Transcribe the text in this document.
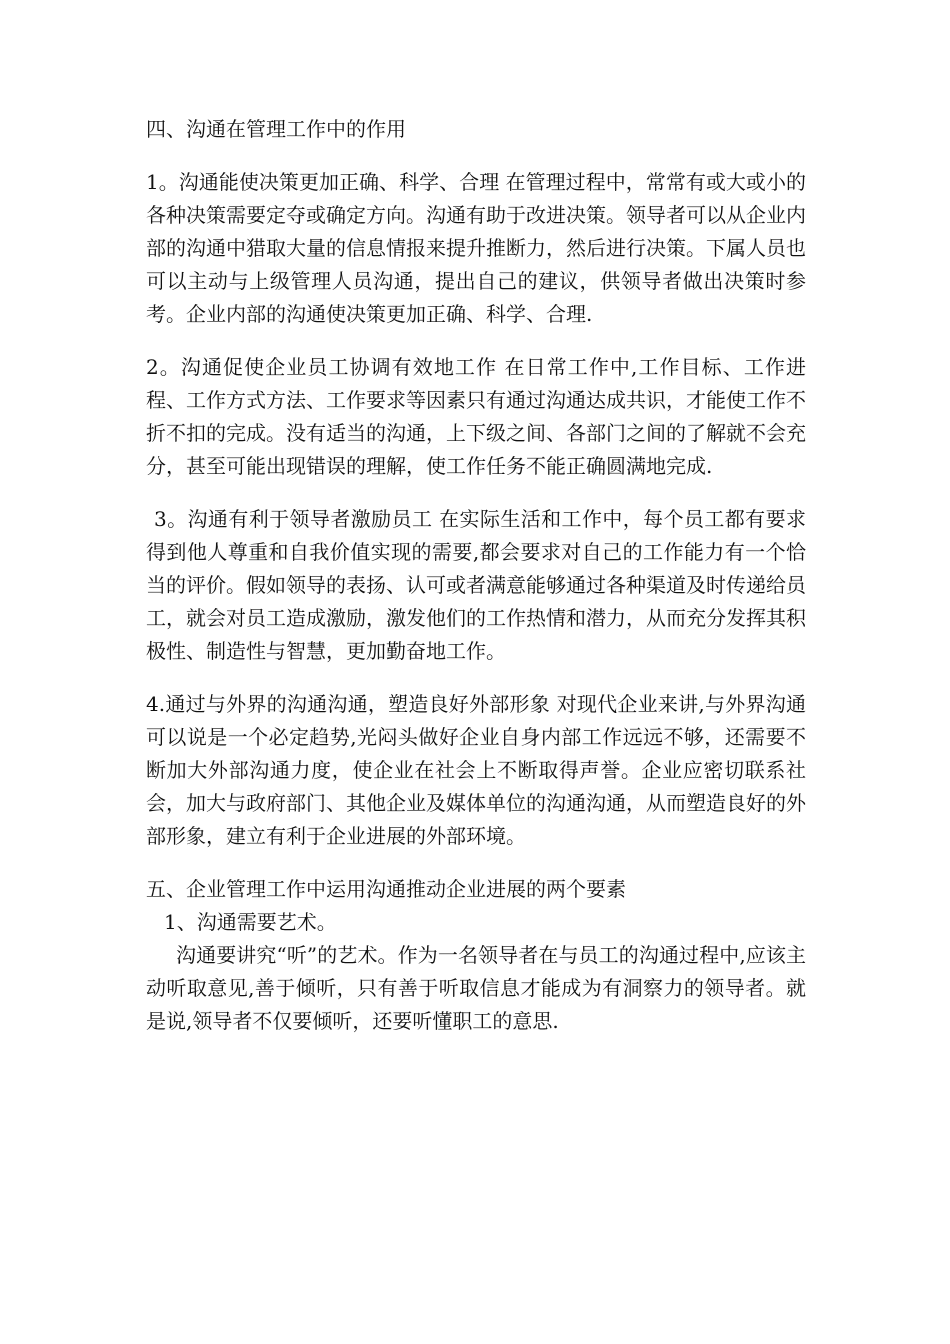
四、沟通在管理工作中的作用
1。沟通能使决策更加正确、科学、合理 在管理过程中，常常有或大或小的各种决策需要定夺或确定方向。沟通有助于改进决策。领导者可以从企业内部的沟通中猎取大量的信息情报来提升推断力，然后进行决策。下属人员也可以主动与上级管理人员沟通，提出自己的建议，供领导者做出决策时参考。企业内部的沟通使决策更加正确、科学、合理.
2。沟通促使企业员工协调有效地工作 在日常工作中,工作目标、工作进程、工作方式方法、工作要求等因素只有通过沟通达成共识，才能使工作不折不扣的完成。没有适当的沟通，上下级之间、各部门之间的了解就不会充分，甚至可能出现错误的理解，使工作任务不能正确圆满地完成.
3。沟通有利于领导者激励员工 在实际生活和工作中，每个员工都有要求得到他人尊重和自我价值实现的需要,都会要求对自己的工作能力有一个恰当的评价。假如领导的表扬、认可或者满意能够通过各种渠道及时传递给员工，就会对员工造成激励，激发他们的工作热情和潜力，从而充分发挥其积极性、制造性与智慧，更加勤奋地工作。
4.通过与外界的沟通沟通，塑造良好外部形象 对现代企业来讲,与外界沟通可以说是一个必定趋势,光闷头做好企业自身内部工作远远不够，还需要不断加大外部沟通力度，使企业在社会上不断取得声誉。企业应密切联系社会，加大与政府部门、其他企业及媒体单位的沟通沟通，从而塑造良好的外部形象，建立有利于企业进展的外部环境。
五、企业管理工作中运用沟通推动企业进展的两个要素
1、沟通需要艺术。
沟通要讲究“听”的艺术。作为一名领导者在与员工的沟通过程中,应该主动听取意见,善于倾听，只有善于听取信息才能成为有洞察力的领导者。就是说,领导者不仅要倾听，还要听懂职工的意思.
